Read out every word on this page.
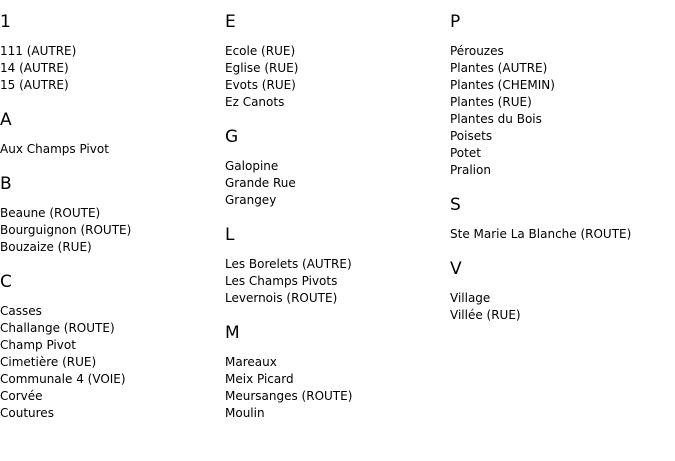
1
111 (AUTRE)
14 (AUTRE)
15 (AUTRE)
A
Aux Champs Pivot
B
Beaune (ROUTE)
Bourguignon (ROUTE)
Bouzaize (RUE)
C
Casses
Challange (ROUTE)
Champ Pivot
Cimetière (RUE)
Communale 4 (VOIE)
Corvée
Coutures
E
Ecole (RUE)
Eglise (RUE)
Evots (RUE)
Ez Canots
G
Galopine
Grande Rue
Grangey
L
Les Borelets (AUTRE)
Les Champs Pivots
Levernois (ROUTE)
M
Mareaux
Meix Picard
Meursanges (ROUTE)
Moulin
P
Pérouzes
Plantes (AUTRE)
Plantes (CHEMIN)
Plantes (RUE)
Plantes du Bois
Poisets
Potet
Pralion
S
Ste Marie La Blanche (ROUTE)
V
Village
Villée (RUE)
